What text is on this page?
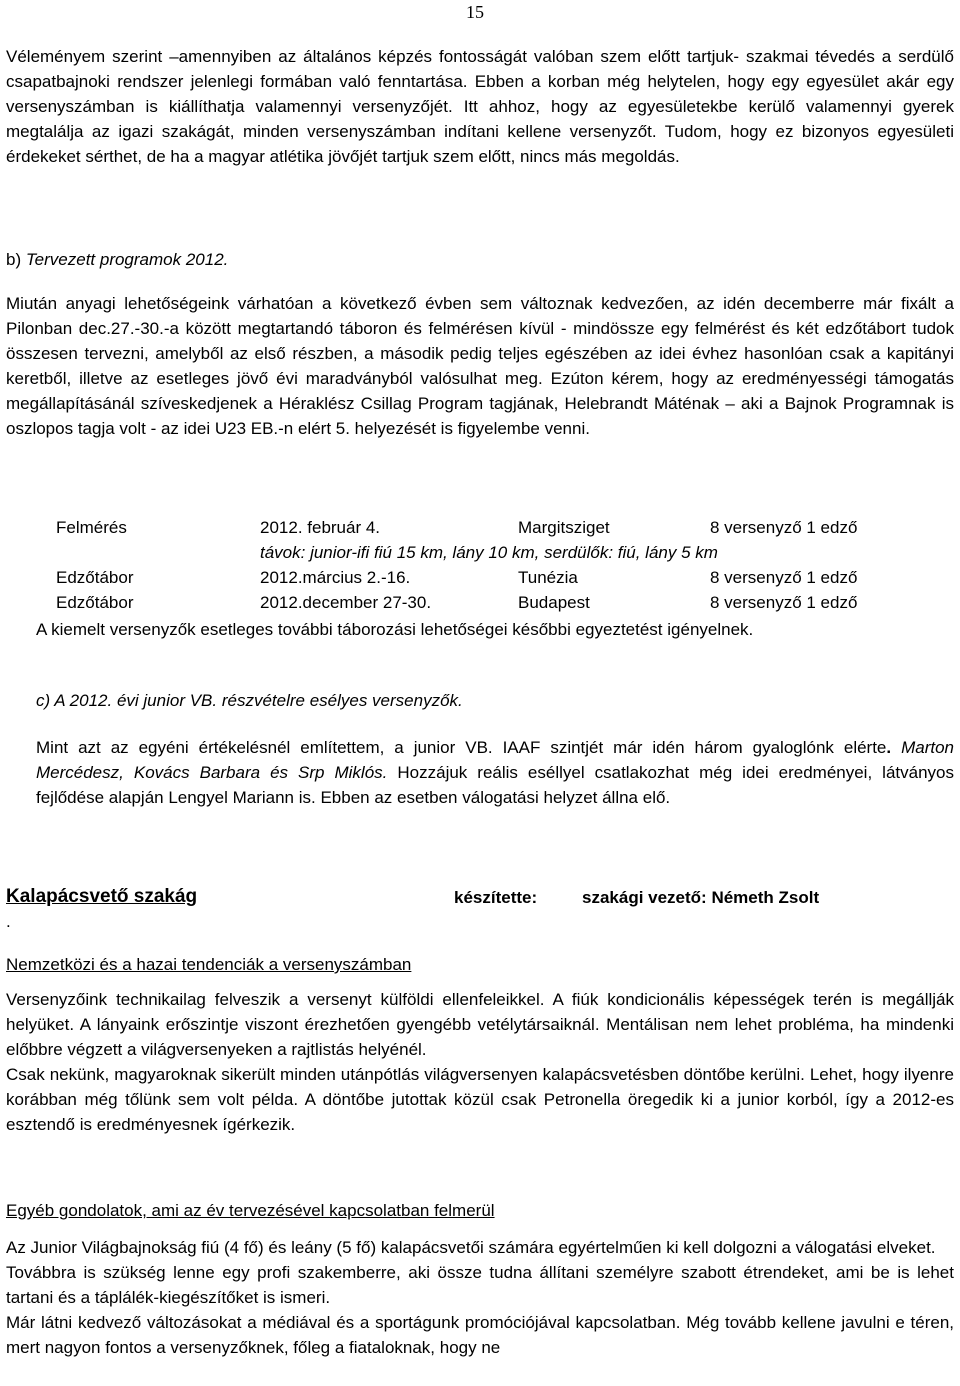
15

Véleményem szerint –amennyiben az általános képzés fontosságát valóban szem előtt tartjuk- szakmai tévedés a serdülő csapatbajnoki rendszer jelenlegi formában való fenntartása. Ebben a korban még helytelen, hogy egy egyesület akár egy versenyszámban is kiállíthatja valamennyi versenyzőjét. Itt ahhoz, hogy az egyesületekbe kerülő valamennyi gyerek megtalálja az igazi szakágát, minden versenyszámban indítani kellene versenyzőt. Tudom, hogy ez bizonyos egyesületi érdekeket sérthet, de ha a magyar atlétika jövőjét tartjuk szem előtt, nincs más megoldás.

b) Tervezett programok 2012.

Miután anyagi lehetőségeink várhatóan a következő évben sem változnak kedvezően, az idén decemberre már fixált a Pilonban dec.27.-30.-a között megtartandó táboron és felmérésen kívül - mindössze egy felmérést és két edzőtábort tudok összesen tervezni, amelyből az első részben, a második pedig teljes egészében az idei évhez hasonlóan csak a kapitányi keretből, illetve az esetleges jövő évi maradványból valósulhat meg. Ezúton kérem, hogy az eredményességi támogatás megállapításánál szíveskedjenek a Héraklész Csillag Program tagjának, Helebrandt Máténak – aki a Bajnok Programnak is oszlopos tagja volt - az idei U23 EB.-n elért 5. helyezését is figyelembe venni.

Felmérés	2012. február 4.	Margitsziget	8 versenyző 1 edző
távok: junior-ifi fiú 15 km, lány 10 km, serdülők: fiú, lány 5 km
Edzőtábor	2012.március 2.-16.	Tunézia	8 versenyző 1 edző
Edzőtábor	2012.december 27-30.	Budapest	8 versenyző 1 edző

A kiemelt versenyzők esetleges további táborozási lehetőségei későbbi egyeztetést igényelnek.

c) A 2012. évi junior VB. részvételre esélyes versenyzők.

Mint azt az egyéni értékelésnél említettem, a junior VB. IAAF szintjét már idén három gyaloglónk elérte. Marton Mercédesz, Kovács Barbara és Srp Miklós. Hozzájuk reális eséllyel csatlakozhat még idei eredményei, látványos fejlődése alapján Lengyel Mariann is. Ebben az esetben válogatási helyzet állna elő.

Kalapácsvető szakág	készítette:	szakági vezető: Németh Zsolt
.

Nemzetközi és a hazai tendenciák a versenyszámban

Versenyzőink technikailag felveszik a versenyt külföldi ellenfeleikkel. A fiúk kondicionális képességek terén is megállják helyüket. A lányaink erőszintje viszont érezhetően gyengébb vetélytársaiknál. Mentálisan nem lehet probléma, ha mindenki előbbre végzett a világversenyeken a rajtlistás helyénél.
Csak nekünk, magyaroknak sikerült minden utánpótlás világversenyen kalapácsvetésben döntőbe kerülni. Lehet, hogy ilyenre korábban még tőlünk sem volt példa. A döntőbe jutottak közül csak Petronella öregedik ki a junior korból, így a 2012-es esztendő is eredményesnek ígérkezik.

Egyéb gondolatok, ami az év tervezésével kapcsolatban felmerül

Az Junior Világbajnokság fiú (4 fő) és leány (5 fő) kalapácsvetői számára egyértelműen ki kell dolgozni a válogatási elveket.
Továbbra is szükség lenne egy profi szakemberre, aki össze tudna állítani személyre szabott étrendeket, ami be is lehet tartani és a táplálék-kiegészítőket is ismeri.
Már látni kedvező változásokat a médiával és a sportágunk promóciójával kapcsolatban. Még tovább kellene javulni e téren, mert nagyon fontos a versenyzőknek, főleg a fiataloknak, hogy ne
